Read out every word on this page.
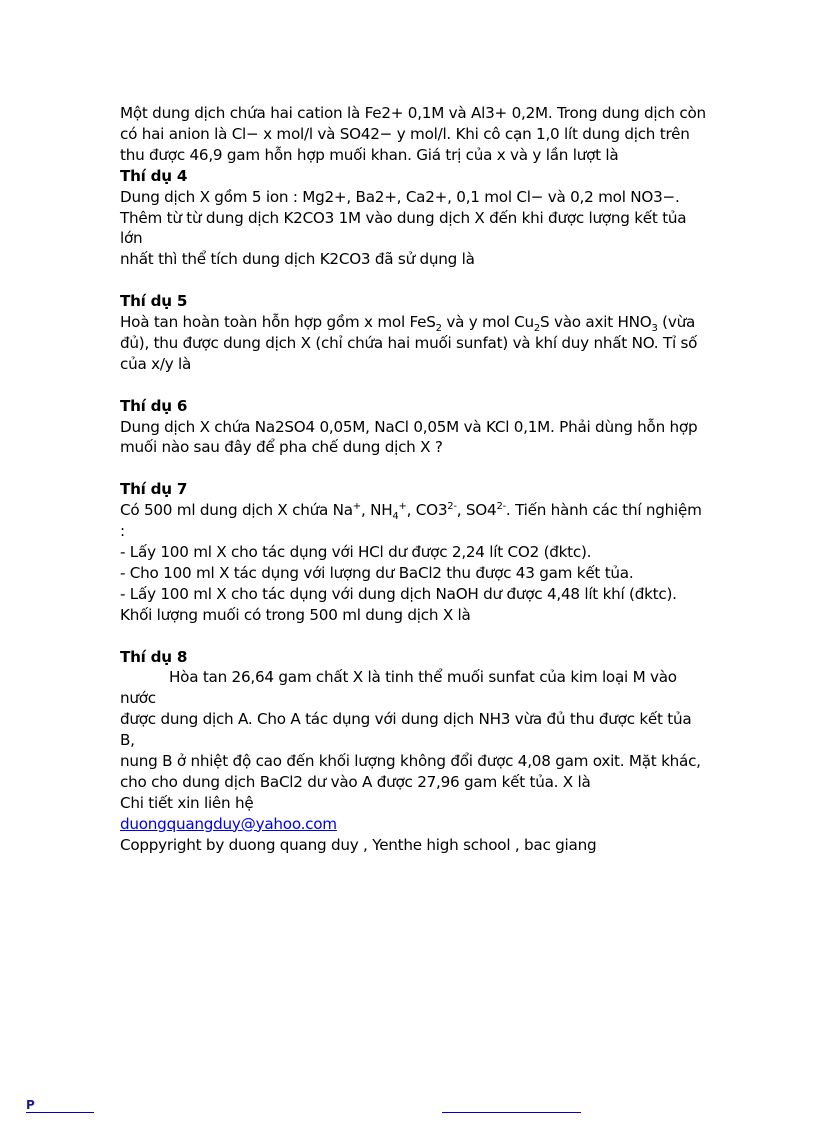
Một dung dịch chứa hai cation là Fe2+ 0,1M và Al3+ 0,2M. Trong dung dịch còn

có hai anion là Cl− x mol/l và SO42− y mol/l. Khi cô cạn 1,0 lít dung dịch trên

thu được 46,9 gam hỗn hợp muối khan. Giá trị của x và y lần lượt là

Thí dụ 4

Dung dịch X gồm 5 ion : Mg2+, Ba2+, Ca2+, 0,1 mol Cl− và 0,2 mol NO3−.

Thêm từ từ dung dịch K2CO3 1M vào dung dịch X đến khi được lượng kết tủa lớn

nhất thì thể tích dung dịch K2CO3 đã sử dụng là

Thí dụ 5

Hoà tan hoàn toàn hỗn hợp gồm x mol FeS$_2$ và y mol $Cu_2S$ vào axit $HNO_3$ (vừa

đủ), thu được dung dịch X (chỉ chứa hai muối sunfat) và khí duy nhất NO. Tỉ số

của x/y là

Thí dụ 6

Dung dịch X chứa Na2SO4 0,05M, NaCl 0,05M và KCl 0,1M. Phải dùng hỗn hợp

muối nào sau đây để pha chế dung dịch X ?

Thí dụ 7

Có 500 ml dung dịch X chứa Na+, $NH_4^+$, $CO3^{2-}$, $SO4^{2-}$. Tiến hành các thí nghiệm :

- Lấy 100 ml X cho tác dụng với HCl dư được 2,24 lít CO2 (đktc).

- Cho 100 ml X tác dụng với lượng dư BaCl2 thu được 43 gam kết tủa.

- Lấy 100 ml X cho tác dụng với dung dịch NaOH dư được 4,48 lít khí (đktc).

Khối lượng muối có trong 500 ml dung dịch X là

Thí dụ 8

Hòa tan 26,64 gam chất X là tinh thể muối sunfat của kim loại M vào nước

được dung dịch A. Cho A tác dụng với dung dịch NH3 vừa đủ thu được kết tủa B,

nung B ở nhiệt độ cao đến khối lượng không đổi được 4,08 gam oxit. Mặt khác,

cho cho dung dịch BaCl2 dư vào A được 27,96 gam kết tủa. X là

Chi tiết xin liên hệ

duongquangduy@yahoo.com

Coppyright by duong quang duy , Yenthe high school , bac giang

P
